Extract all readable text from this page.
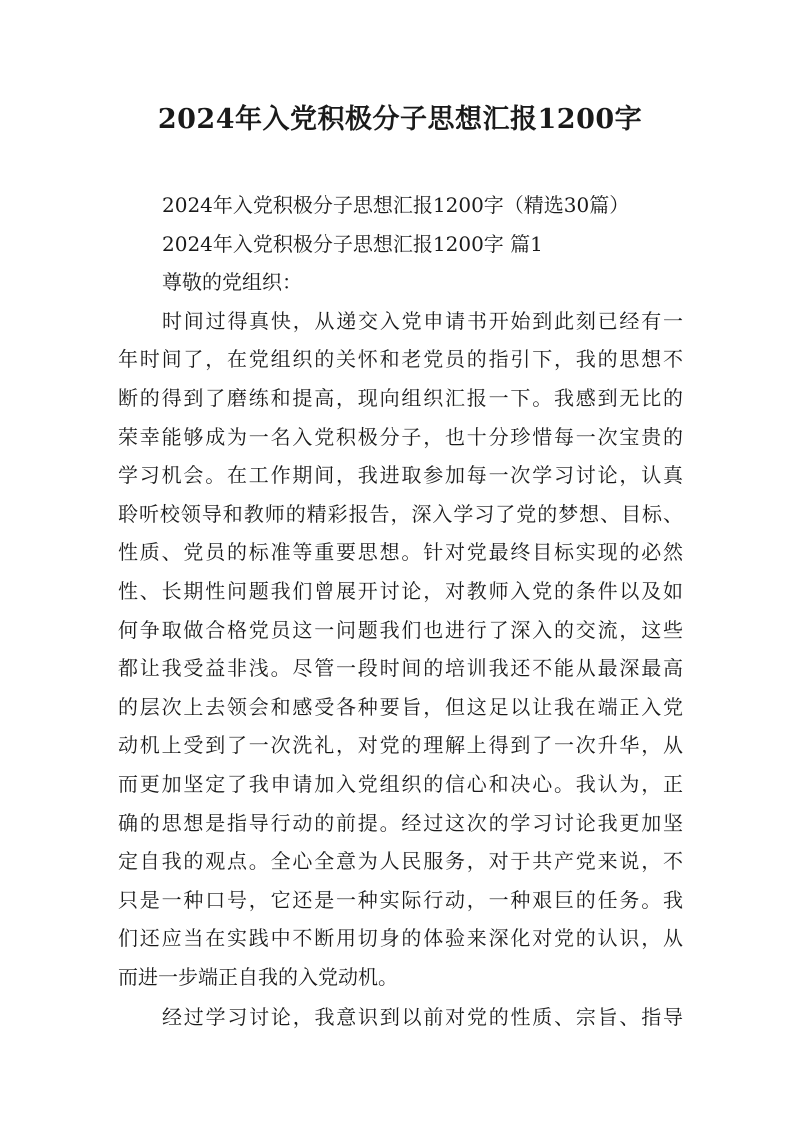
2024年入党积极分子思想汇报1200字
2024年入党积极分子思想汇报1200字（精选30篇）
2024年入党积极分子思想汇报1200字 篇1
尊敬的党组织：
时间过得真快，从递交入党申请书开始到此刻已经有一
年时间了，在党组织的关怀和老党员的指引下，我的思想不
断的得到了磨练和提高，现向组织汇报一下。我感到无比的
荣幸能够成为一名入党积极分子，也十分珍惜每一次宝贵的
学习机会。在工作期间，我进取参加每一次学习讨论，认真
聆听校领导和教师的精彩报告，深入学习了党的梦想、目标、
性质、党员的标准等重要思想。针对党最终目标实现的必然
性、长期性问题我们曾展开讨论，对教师入党的条件以及如
何争取做合格党员这一问题我们也进行了深入的交流，这些
都让我受益非浅。尽管一段时间的培训我还不能从最深最高
的层次上去领会和感受各种要旨，但这足以让我在端正入党
动机上受到了一次洗礼，对党的理解上得到了一次升华，从
而更加坚定了我申请加入党组织的信心和决心。我认为，正
确的思想是指导行动的前提。经过这次的学习讨论我更加坚
定自我的观点。全心全意为人民服务，对于共产党来说，不
只是一种口号，它还是一种实际行动，一种艰巨的任务。我
们还应当在实践中不断用切身的体验来深化对党的认识，从
而进一步端正自我的入党动机。
经过学习讨论，我意识到以前对党的性质、宗旨、指导
